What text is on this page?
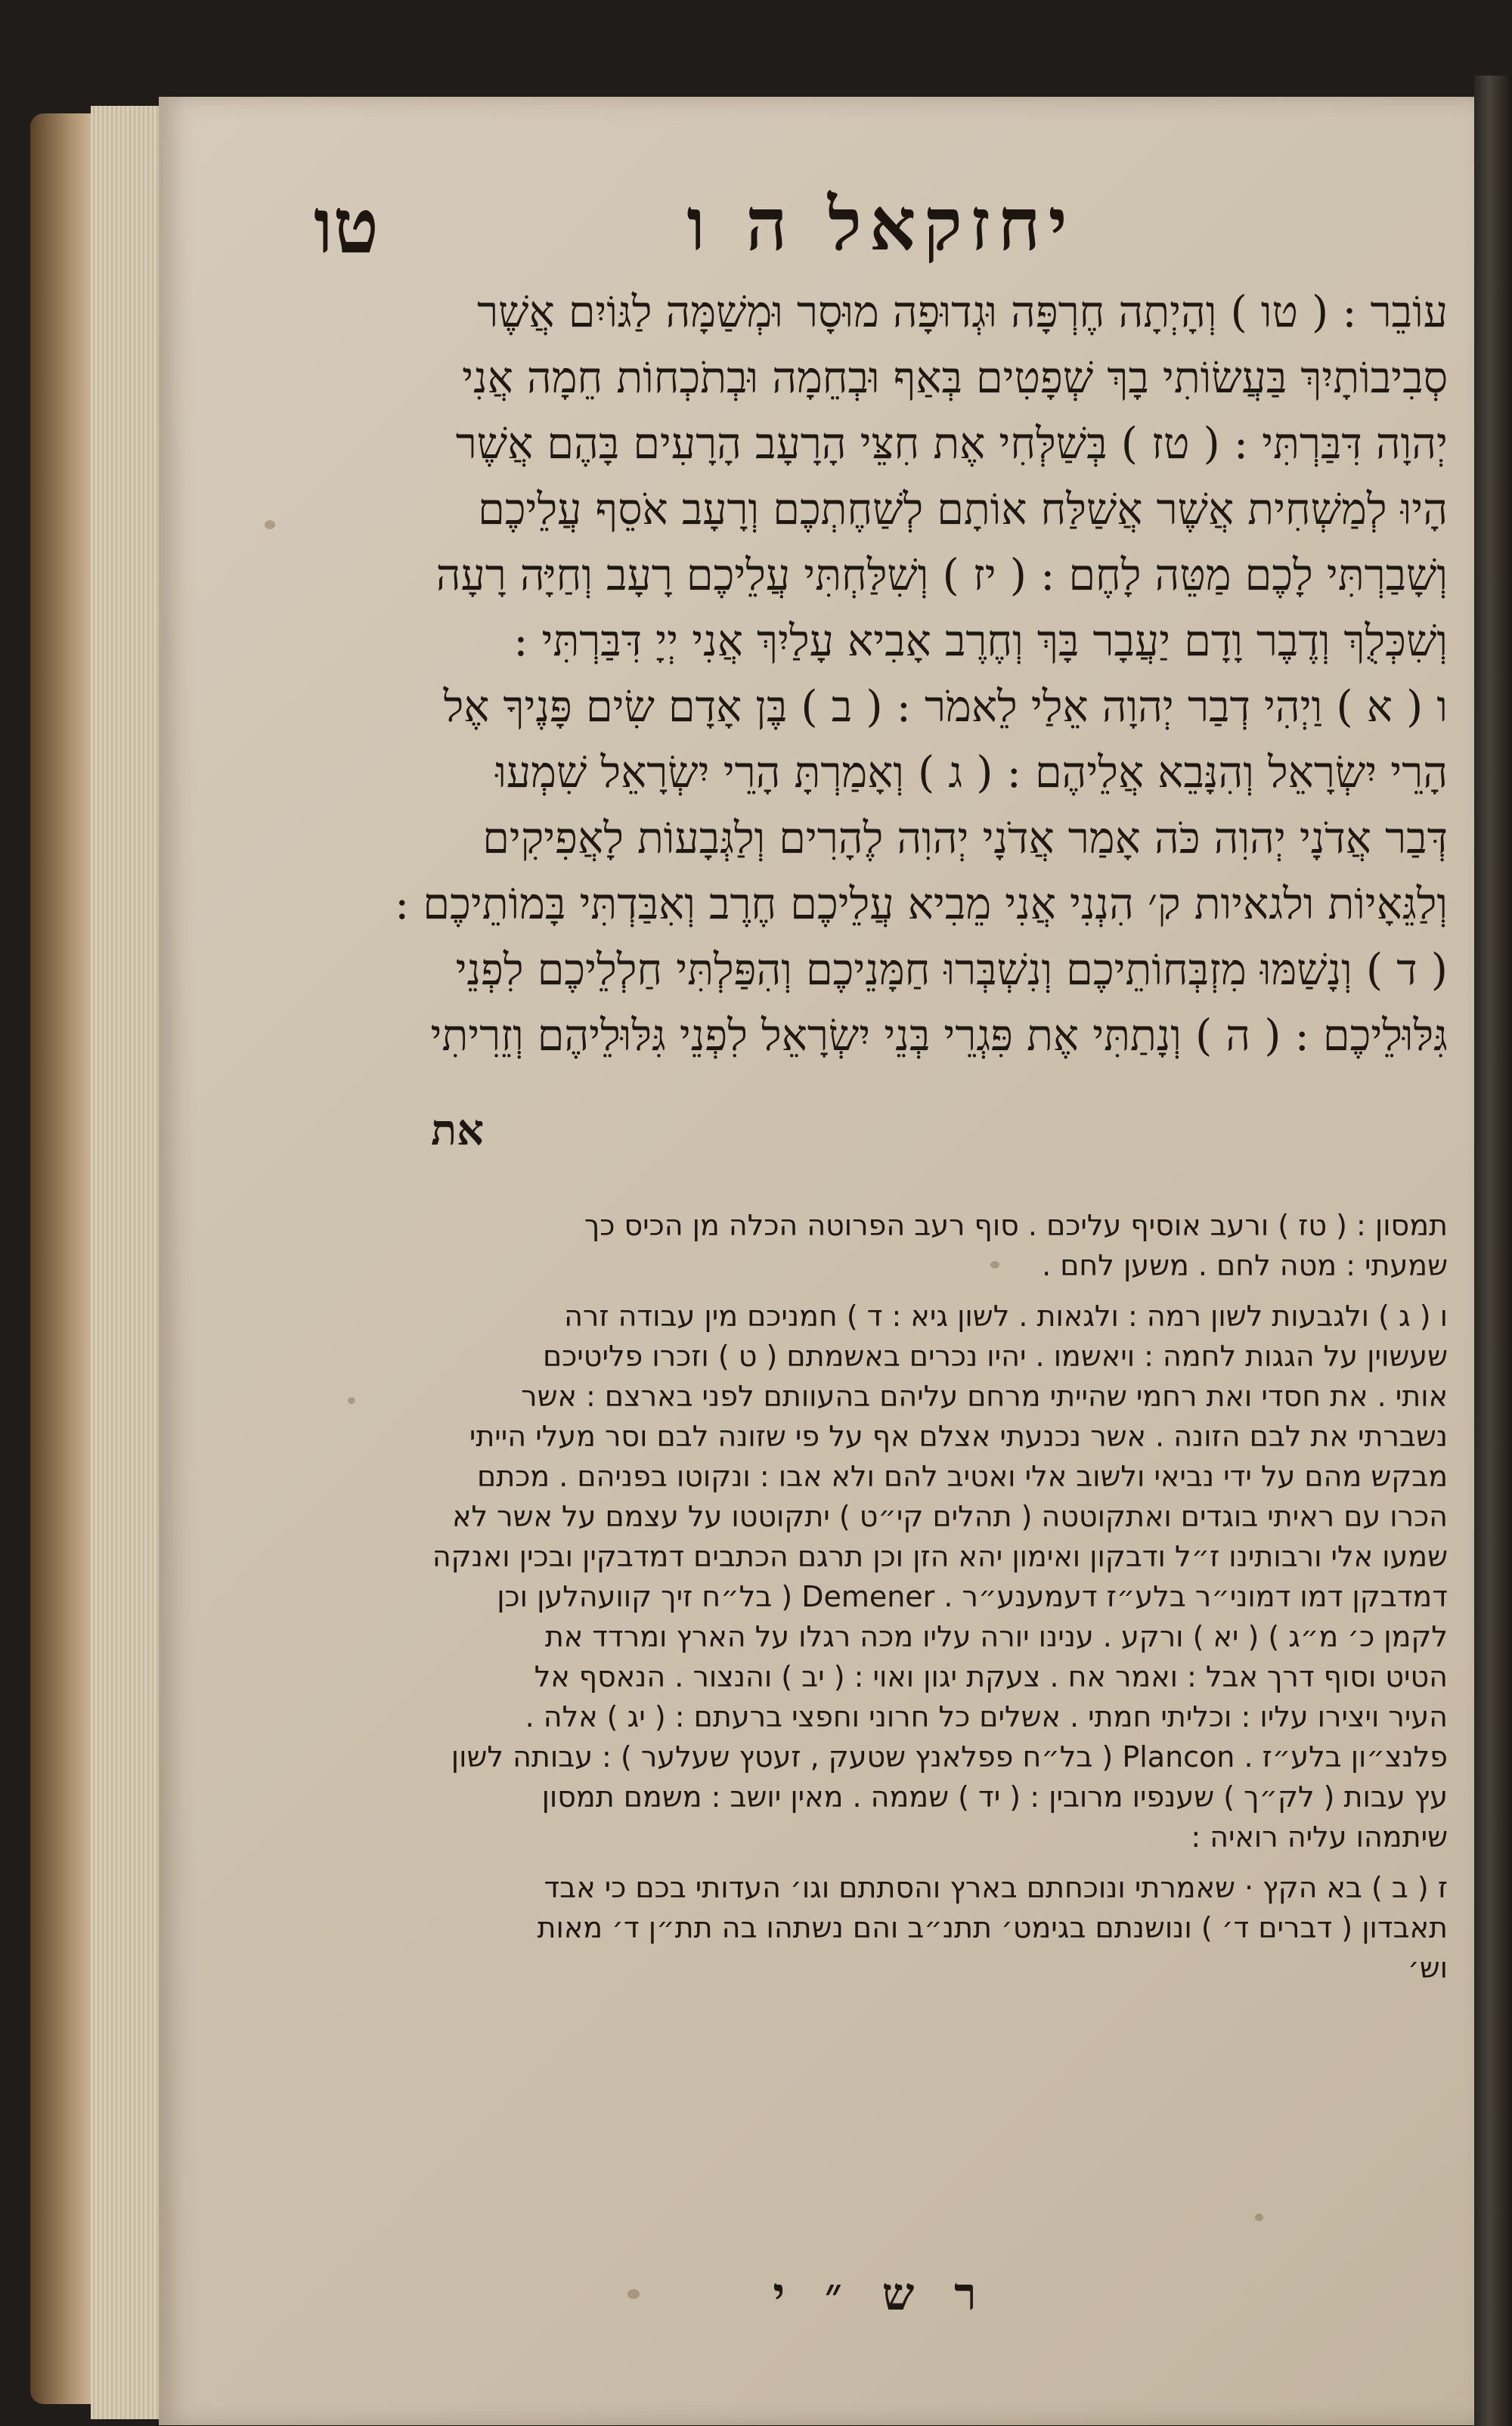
יחזקאל ה ו
טו
עוֹבֵר : ( טו ) וְהָיְתָה חֶרְפָּה וּגְדוּפָה מוּסָר וּמְשַׁמָּה לַגּוֹיִם אֲשֶׁר
סְבִיבוֹתָיִךְ בַּעֲשׂוֹתִי בָךְ שְׁפָטִים בְּאַף וּבְחֵמָה וּבְתֹכְחוֹת חֵמָה אֲנִי
יְהוָה דִּבַּרְתִּי : ( טז ) בְּשַׁלְּחִי אֶת חִצֵּי הָרָעָב הָרָעִים בָּהֶם אֲשֶׁר
הָיוּ לְמַשְׁחִית אֲשֶׁר אֲשַׁלַּח אוֹתָם לְשַׁחֶתְכֶם וְרָעָב אֹסֵף עֲלֵיכֶם
וְשָׁבַרְתִּי לָכֶם מַטֵּה לָחֶם : ( יז ) וְשִׁלַּחְתִּי עֲלֵיכֶם רָעָב וְחַיָּה רָעָה
וְשִׁכְּלֻךְ וְדֶבֶר וָדָם יַעֲבָר בָּךְ וְחֶרֶב אָבִיא עָלַיִךְ אֲנִי יְיָ דִּבַּרְתִּי :
ו ( א ) וַיְהִי דְבַר יְהוָה אֵלַי לֵאמֹר : ( ב ) בֶּן אָדָם שִׂים פָּנֶיךָ אֶל
הָרֵי יִשְׂרָאֵל וְהִנָּבֵא אֲלֵיהֶם : ( ג ) וְאָמַרְתָּ הָרֵי יִשְׂרָאֵל שִׁמְעוּ
דְּבַר אֲדֹנָי יְהוִה כֹּה אָמַר אֲדֹנָי יְהוִה לֶהָרִים וְלַגְּבָעוֹת לָאֲפִיקִים
וְלַגֵּאָיוֹת ולגאיות ק׳ הִנְנִי אֲנִי מֵבִיא עֲלֵיכֶם חֶרֶב וְאִבַּדְתִּי בָּמוֹתֵיכֶם :
( ד ) וְנָשַׁמּוּ מִזְבְּחוֹתֵיכֶם וְנִשְׁבְּרוּ חַמָּנֵיכֶם וְהִפַּלְתִּי חַלְלֵיכֶם לִפְנֵי
גִּלּוּלֵיכֶם : ( ה ) וְנָתַתִּי אֶת פִּגְרֵי בְּנֵי יִשְׂרָאֵל לִפְנֵי גִּלּוּלֵיהֶם וְזֵרִיתִי
את
ר ש ״ י
תמסון : ( טז ) ורעב אוסיף עליכם . סוף רעב הפרוטה הכלה מן הכיס כך
שמעתי : מטה לחם . משען לחם .
ו ( ג ) ולגבעות לשון רמה : ולגאות . לשון גיא : ד ) חמניכם מין עבודה זרה
שעשוין על הגגות לחמה : ויאשמו . יהיו נכרים באשמתם ( ט ) וזכרו פליטיכם
אותי . את חסדי ואת רחמי שהייתי מרחם עליהם בהעוותם לפני בארצם : אשר
נשברתי את לבם הזונה . אשר נכנעתי אצלם אף על פי שזונה לבם וסר מעלי הייתי
מבקש מהם על ידי נביאי ולשוב אלי ואטיב להם ולא אבו : ונקוטו בפניהם . מכתם
הכרו עם ראיתי בוגדים ואתקוטטה ( תהלים קי״ט ) יתקוטטו על עצמם על אשר לא
שמעו אלי ורבותינו ז״ל ודבקון ואימון יהא הזן וכן תרגם הכתבים דמדבקין ובכין ואנקה
דמדבקן דמו דמוני״ר בלע״ז דעמענע״ר . Demener ( בל״ח זיך קוועהלען וכן
לקמן כ׳ מ״ג ) ( יא ) ורקע . ענינו יורה עליו מכה רגלו על הארץ ומרדד את
הטיט וסוף דרך אבל : ואמר אח . צעקת יגון ואוי : ( יב ) והנצור . הנאסף אל
העיר ויצירו עליו : וכליתי חמתי . אשלים כל חרוני וחפצי ברעתם : ( יג ) אלה .
פלנצ״ון בלע״ז . Plancon ( בל״ח פפלאנץ שטעק , זעטץ שעלער ) : עבותה לשון
עץ עבות ( לק״ך ) שענפיו מרובין : ( יד ) שממה . מאין יושב : משמם תמסון
שיתמהו עליה רואיה :
ז ( ב ) בא הקץ · שאמרתי ונוכחתם בארץ והסתתם וגו׳ העדותי בכם כי אבד
תאבדון ( דברים ד׳ ) ונושנתם בגימט׳ תתנ״ב והם נשתהו בה תת״ן ד׳ מאות
וש׳
